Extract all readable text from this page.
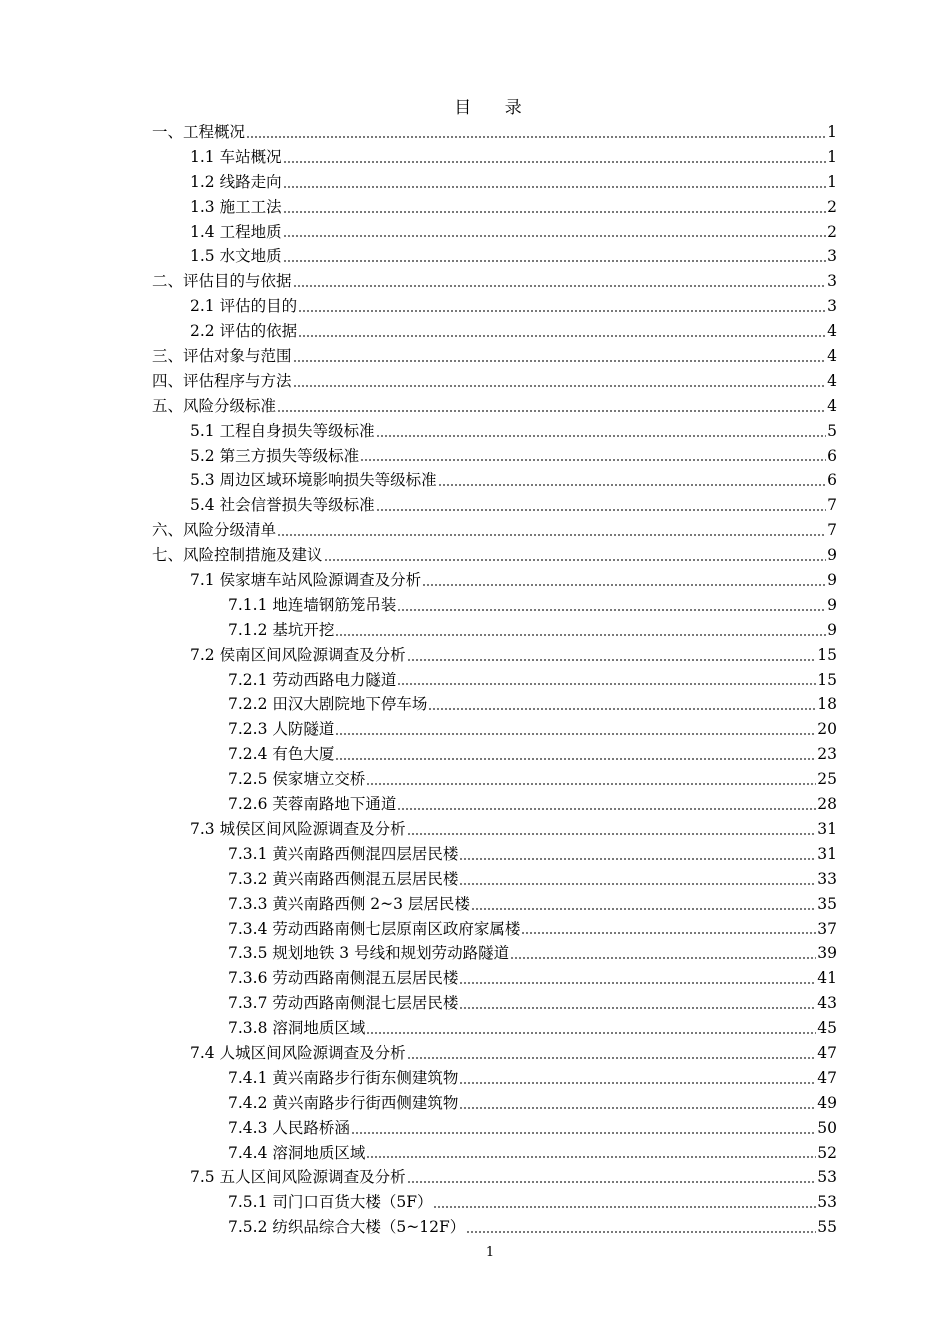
目 录
一、工程概况	1
1.1 车站概况	1
1.2 线路走向	1
1.3 施工工法	2
1.4 工程地质	2
1.5 水文地质	3
二、评估目的与依据	3
2.1 评估的目的	3
2.2 评估的依据	4
三、评估对象与范围	4
四、评估程序与方法	4
五、风险分级标准	4
5.1 工程自身损失等级标准	5
5.2 第三方损失等级标准	6
5.3 周边区域环境影响损失等级标准	6
5.4 社会信誉损失等级标准	7
六、风险分级清单	7
七、风险控制措施及建议	9
7.1 侯家塘车站风险源调查及分析	9
7.1.1 地连墙钢筋笼吊装	9
7.1.2 基坑开挖	9
7.2 侯南区间风险源调查及分析	15
7.2.1 劳动西路电力隧道	15
7.2.2 田汉大剧院地下停车场	18
7.2.3 人防隧道	20
7.2.4 有色大厦	23
7.2.5 侯家塘立交桥	25
7.2.6 芙蓉南路地下通道	28
7.3 城侯区间风险源调查及分析	31
7.3.1 黄兴南路西侧混四层居民楼	31
7.3.2 黄兴南路西侧混五层居民楼	33
7.3.3 黄兴南路西侧 2~3 层居民楼	35
7.3.4 劳动西路南侧七层原南区政府家属楼	37
7.3.5 规划地铁 3 号线和规划劳动路隧道	39
7.3.6 劳动西路南侧混五层居民楼	41
7.3.7 劳动西路南侧混七层居民楼	43
7.3.8 溶洞地质区域	45
7.4 人城区间风险源调查及分析	47
7.4.1 黄兴南路步行街东侧建筑物	47
7.4.2 黄兴南路步行街西侧建筑物	49
7.4.3 人民路桥涵	50
7.4.4 溶洞地质区域	52
7.5 五人区间风险源调查及分析	53
7.5.1 司门口百货大楼（5F）	53
7.5.2 纺织品综合大楼（5~12F）	55
1
